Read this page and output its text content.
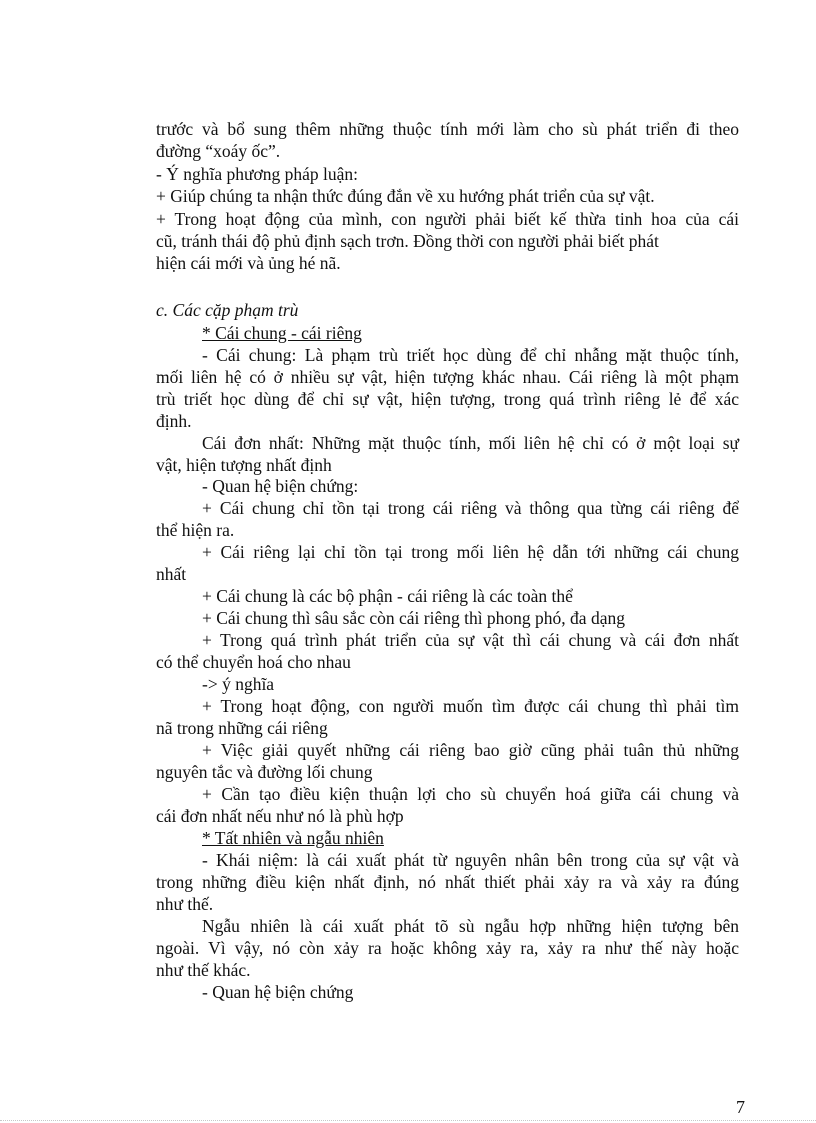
trước và bổ sung thêm những thuộc tính mới làm cho sù phát triển đi theo
đường “xoáy ốc”.
- Ý nghĩa phương pháp luận:
+ Giúp chúng ta nhận thức đúng đắn về xu hướng phát triển của sự vật.
+ Trong hoạt động của mình, con người phải biết kế thừa tinh hoa của cái
cũ, tránh thái độ phủ định sạch trơn. Đồng thời con người phải biết phát
hiện cái mới và ủng hé nã.
c. Các cặp phạm trù
* Cái chung - cái riêng
- Cái chung: Là phạm trù triết học dùng để chỉ nhẫng mặt thuộc tính,
mối liên hệ có ở nhiều sự vật, hiện tượng khác nhau. Cái riêng là một phạm
trù triết học dùng để chỉ sự vật, hiện tượng, trong quá trình riêng lẻ để xác
định.
Cái đơn nhất: Những mặt thuộc tính, mối liên hệ chỉ có ở một loại sự
vật, hiện tượng nhất định
- Quan hệ biện chứng:
+ Cái chung chỉ tồn tại trong cái riêng và thông qua từng cái riêng để
thể hiện ra.
+ Cái riêng lại chỉ tồn tại trong mối liên hệ dẫn tới những cái chung
nhất
+ Cái chung là các bộ phận - cái riêng là các toàn thể
+ Cái chung thì sâu sắc còn cái riêng thì phong phó, đa dạng
+ Trong quá trình phát triển của sự vật thì cái chung và cái đơn nhất
có thể chuyển hoá cho nhau
-> ý nghĩa
+ Trong hoạt động, con người muốn tìm được cái chung thì phải tìm
nã trong những cái riêng
+ Việc giải quyết những cái riêng bao giờ cũng phải tuân thủ những
nguyên tắc và đường lối chung
+ Cần tạo điều kiện thuận lợi cho sù chuyển hoá giữa cái chung và
cái đơn nhất nếu như nó là phù hợp
* Tất nhiên và ngẫu nhiên
- Khái niệm: là cái xuất phát từ nguyên nhân bên trong của sự vật và
trong những điều kiện nhất định, nó nhất thiết phải xảy ra và xảy ra đúng
như thế.
Ngẫu nhiên là cái xuất phát tõ sù ngẫu hợp những hiện tượng bên
ngoài. Vì vậy, nó còn xảy ra hoặc không xảy ra, xảy ra như thế này hoặc
như thế khác.
- Quan hệ biện chứng
7
